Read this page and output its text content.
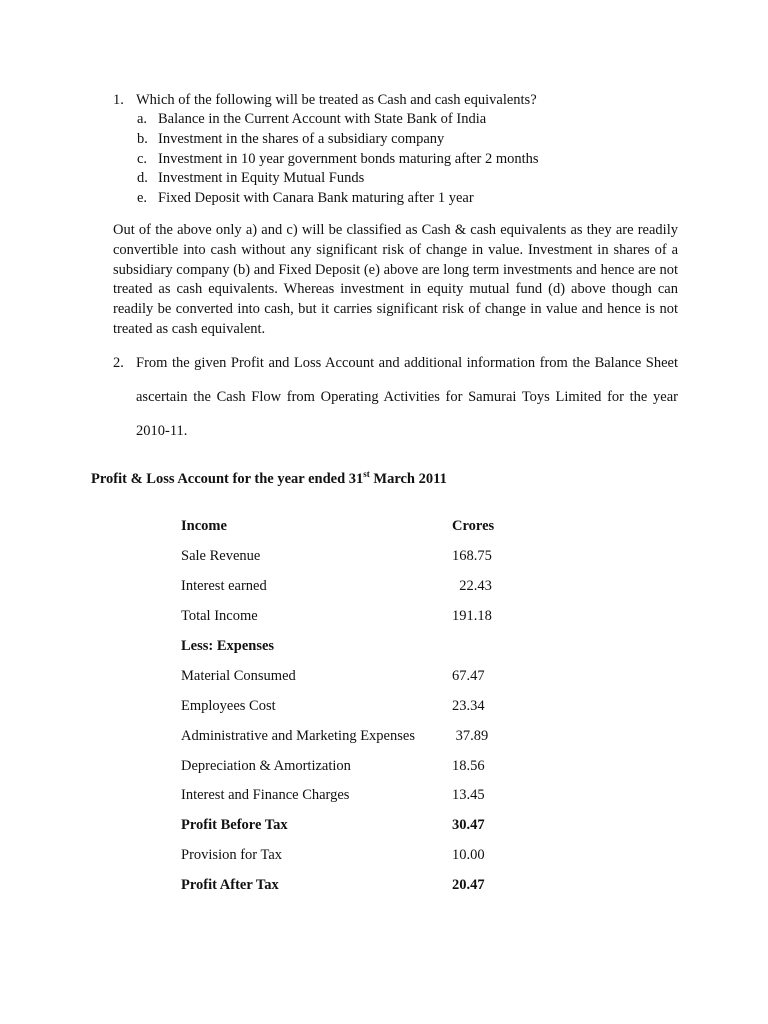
1. Which of the following will be treated as Cash and cash equivalents?
a. Balance in the Current Account with State Bank of India
b. Investment in the shares of a subsidiary company
c. Investment in 10 year government bonds maturing after 2 months
d. Investment in Equity Mutual Funds
e. Fixed Deposit with Canara Bank maturing after 1 year

Out of the above only a) and c) will be classified as Cash & cash equivalents as they are readily convertible into cash without any significant risk of change in value. Investment in shares of a subsidiary company (b) and Fixed Deposit (e) above are long term investments and hence are not treated as cash equivalents. Whereas investment in equity mutual fund (d) above though can readily be converted into cash, but it carries significant risk of change in value and hence is not treated as cash equivalent.

2. From the given Profit and Loss Account and additional information from the Balance Sheet ascertain the Cash Flow from Operating Activities for Samurai Toys Limited for the year 2010-11.

Profit & Loss Account for the year ended 31st March 2011
Income	Crores
Sale Revenue	168.75
Interest earned	22.43
Total Income	191.18
Less: Expenses	
Material Consumed	67.47
Employees Cost	23.34
Administrative and Marketing Expenses	37.89
Depreciation & Amortization	18.56
Interest and Finance Charges	13.45
Profit Before Tax	30.47
Provision for Tax	10.00
Profit After Tax	20.47
